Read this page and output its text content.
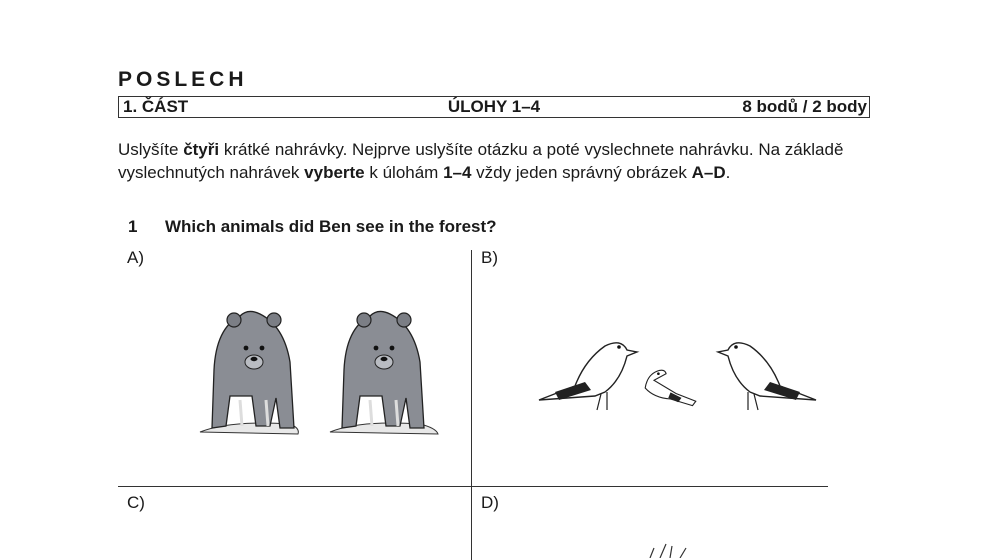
POSLECH
1. ČÁST	ÚLOHY 1–4	8 bodů / 2 body
Uslyšíte čtyři krátké nahrávky. Nejprve uslyšíte otázku a poté vyslechnete nahrávku. Na základě vyslechnutých nahrávek vyberte k úlohám 1–4 vždy jeden správný obrázek A–D.
1 Which animals did Ben see in the forest?
A)	B)
C)	D)
